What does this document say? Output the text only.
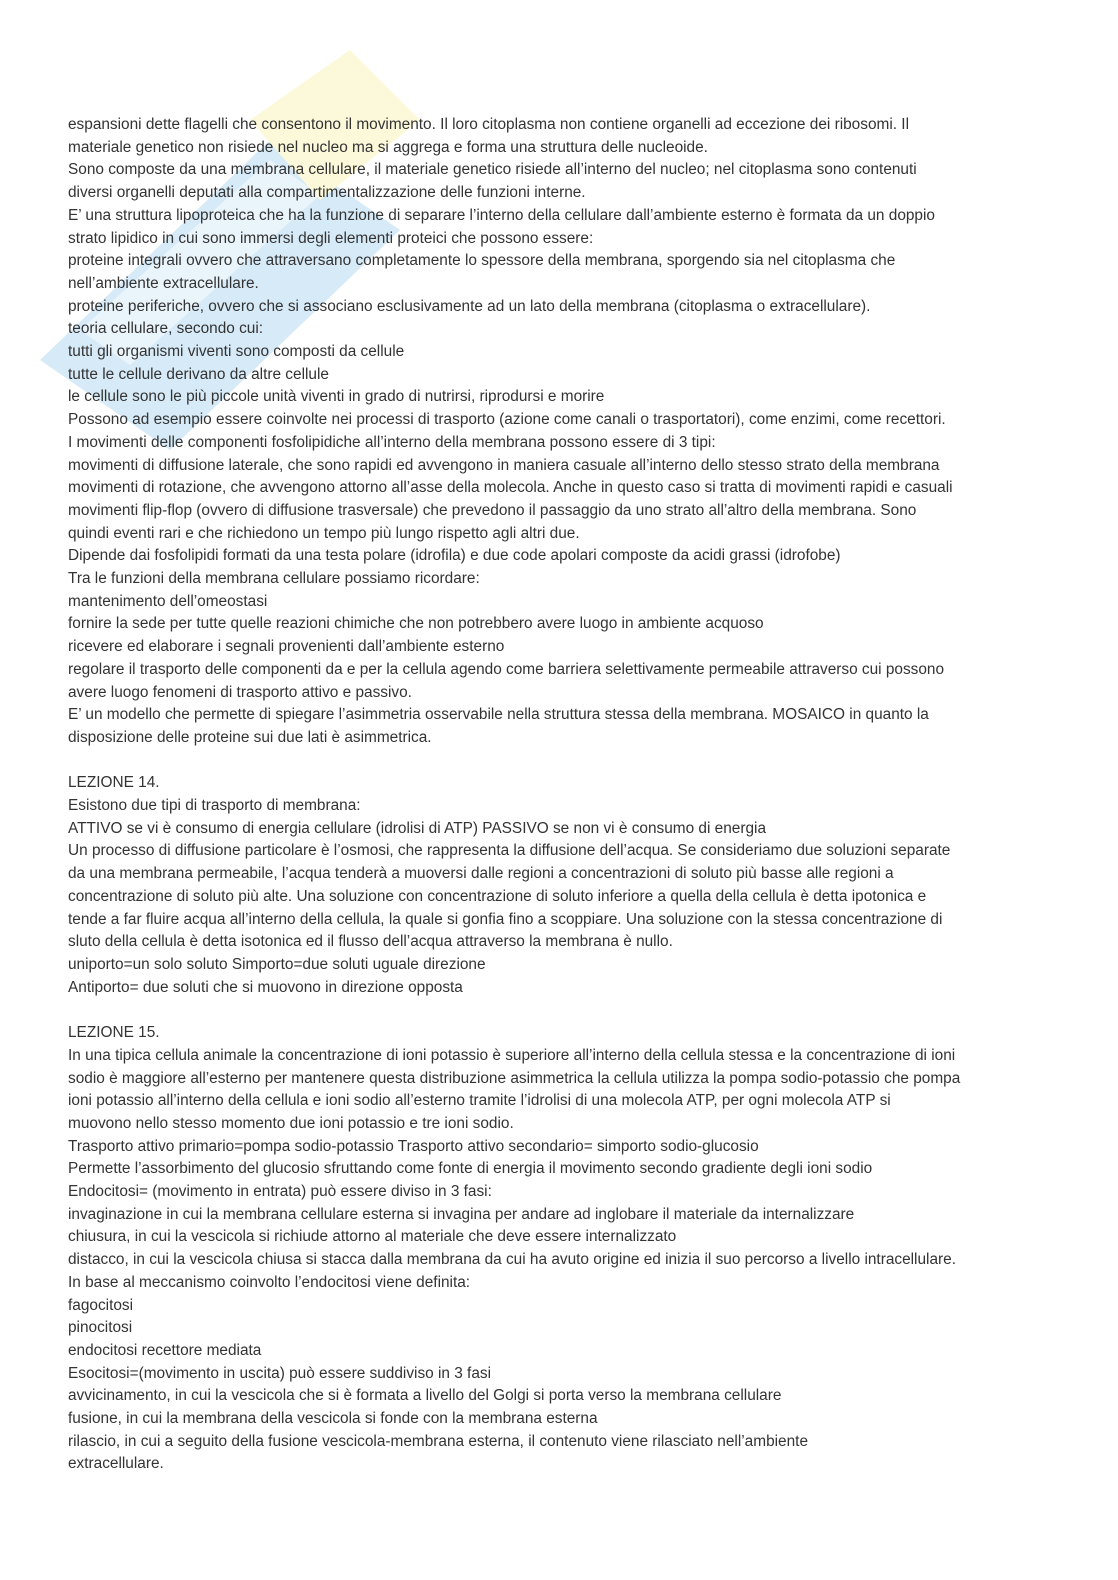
espansioni dette flagelli che consentono il movimento. Il loro citoplasma non contiene organelli ad eccezione dei ribosomi. Il
materiale genetico non risiede nel nucleo ma si aggrega e forma una struttura delle nucleoide.
Sono composte da una membrana cellulare, il materiale genetico risiede all’interno del nucleo; nel citoplasma sono contenuti
diversi organelli deputati alla compartimentalizzazione delle funzioni interne.
E’ una struttura lipoproteica che ha la funzione di separare l’interno della cellulare dall’ambiente esterno è formata da un doppio
strato lipidico in cui sono immersi degli elementi proteici che possono essere:
proteine integrali ovvero che attraversano completamente lo spessore della membrana, sporgendo sia nel citoplasma che
nell’ambiente extracellulare.
proteine periferiche, ovvero che si associano esclusivamente ad un lato della membrana (citoplasma o extracellulare).
teoria cellulare, secondo cui:
tutti gli organismi viventi sono composti da cellule
tutte le cellule derivano da altre cellule
le cellule sono le più piccole unità viventi in grado di nutrirsi, riprodursi e morire
Possono ad esempio essere coinvolte nei processi di trasporto (azione come canali o trasportatori), come enzimi, come recettori.
I movimenti delle componenti fosfolipidiche all’interno della membrana possono essere di 3 tipi:
movimenti di diffusione laterale, che sono rapidi ed avvengono in maniera casuale all’interno dello stesso strato della membrana
movimenti di rotazione, che avvengono attorno all’asse della molecola. Anche in questo caso si tratta di movimenti rapidi e casuali
movimenti flip-flop (ovvero di diffusione trasversale) che prevedono il passaggio da uno strato all’altro della membrana. Sono
quindi eventi rari e che richiedono un tempo più lungo rispetto agli altri due.
Dipende dai fosfolipidi formati da una testa polare (idrofila) e due code apolari composte da acidi grassi (idrofobe)
Tra le funzioni della membrana cellulare possiamo ricordare:
mantenimento dell’omeostasi
fornire la sede per tutte quelle reazioni chimiche che non potrebbero avere luogo in ambiente acquoso
ricevere ed elaborare i segnali provenienti dall’ambiente esterno
regolare il trasporto delle componenti da e per la cellula agendo come barriera selettivamente permeabile attraverso cui possono
avere luogo fenomeni di trasporto attivo e passivo.
E’ un modello che permette di spiegare l’asimmetria osservabile nella struttura stessa della membrana. MOSAICO in quanto la
disposizione delle proteine sui due lati è asimmetrica.
LEZIONE 14.
Esistono due tipi di trasporto di membrana:
ATTIVO se vi è consumo di energia cellulare (idrolisi di ATP) PASSIVO se non vi è consumo di energia
Un processo di diffusione particolare è l’osmosi, che rappresenta la diffusione dell’acqua. Se consideriamo due soluzioni separate
da una membrana permeabile, l’acqua tenderà a muoversi dalle regioni a concentrazioni di soluto più basse alle regioni a
concentrazione di soluto più alte. Una soluzione con concentrazione di soluto inferiore a quella della cellula è detta ipotonica e
tende a far fluire acqua all’interno della cellula, la quale si gonfia fino a scoppiare. Una soluzione con la stessa concentrazione di
sluto della cellula è detta isotonica ed il flusso dell’acqua attraverso la membrana è nullo.
uniporto=un solo soluto Simporto=due soluti uguale direzione
Antiporto= due soluti che si muovono in direzione opposta
LEZIONE 15.
In una tipica cellula animale la concentrazione di ioni potassio è superiore all’interno della cellula stessa e la concentrazione di ioni
sodio è maggiore all’esterno per mantenere questa distribuzione asimmetrica la cellula utilizza la pompa sodio-potassio che pompa
ioni potassio all’interno della cellula e ioni sodio all’esterno tramite l’idrolisi di una molecola ATP, per ogni molecola ATP si
muovono nello stesso momento due ioni potassio e tre ioni sodio.
Trasporto attivo primario=pompa sodio-potassio Trasporto attivo secondario= simporto sodio-glucosio
Permette l’assorbimento del glucosio sfruttando come fonte di energia il movimento secondo gradiente degli ioni sodio
Endocitosi= (movimento in entrata) può essere diviso in 3 fasi:
invaginazione in cui la membrana cellulare esterna si invagina per andare ad inglobare il materiale da internalizzare
chiusura, in cui la vescicola si richiude attorno al materiale che deve essere internalizzato
distacco, in cui la vescicola chiusa si stacca dalla membrana da cui ha avuto origine ed inizia il suo percorso a livello intracellulare.
In base al meccanismo coinvolto l’endocitosi viene definita:
fagocitosi
pinocitosi
endocitosi recettore mediata
Esocitosi=(movimento in uscita) può essere suddiviso in 3 fasi
avvicinamento, in cui la vescicola che si è formata a livello del Golgi si porta verso la membrana cellulare
fusione, in cui la membrana della vescicola si fonde con la membrana esterna
rilascio, in cui a seguito della fusione vescicola-membrana esterna, il contenuto viene rilasciato nell’ambiente
extracellulare.
